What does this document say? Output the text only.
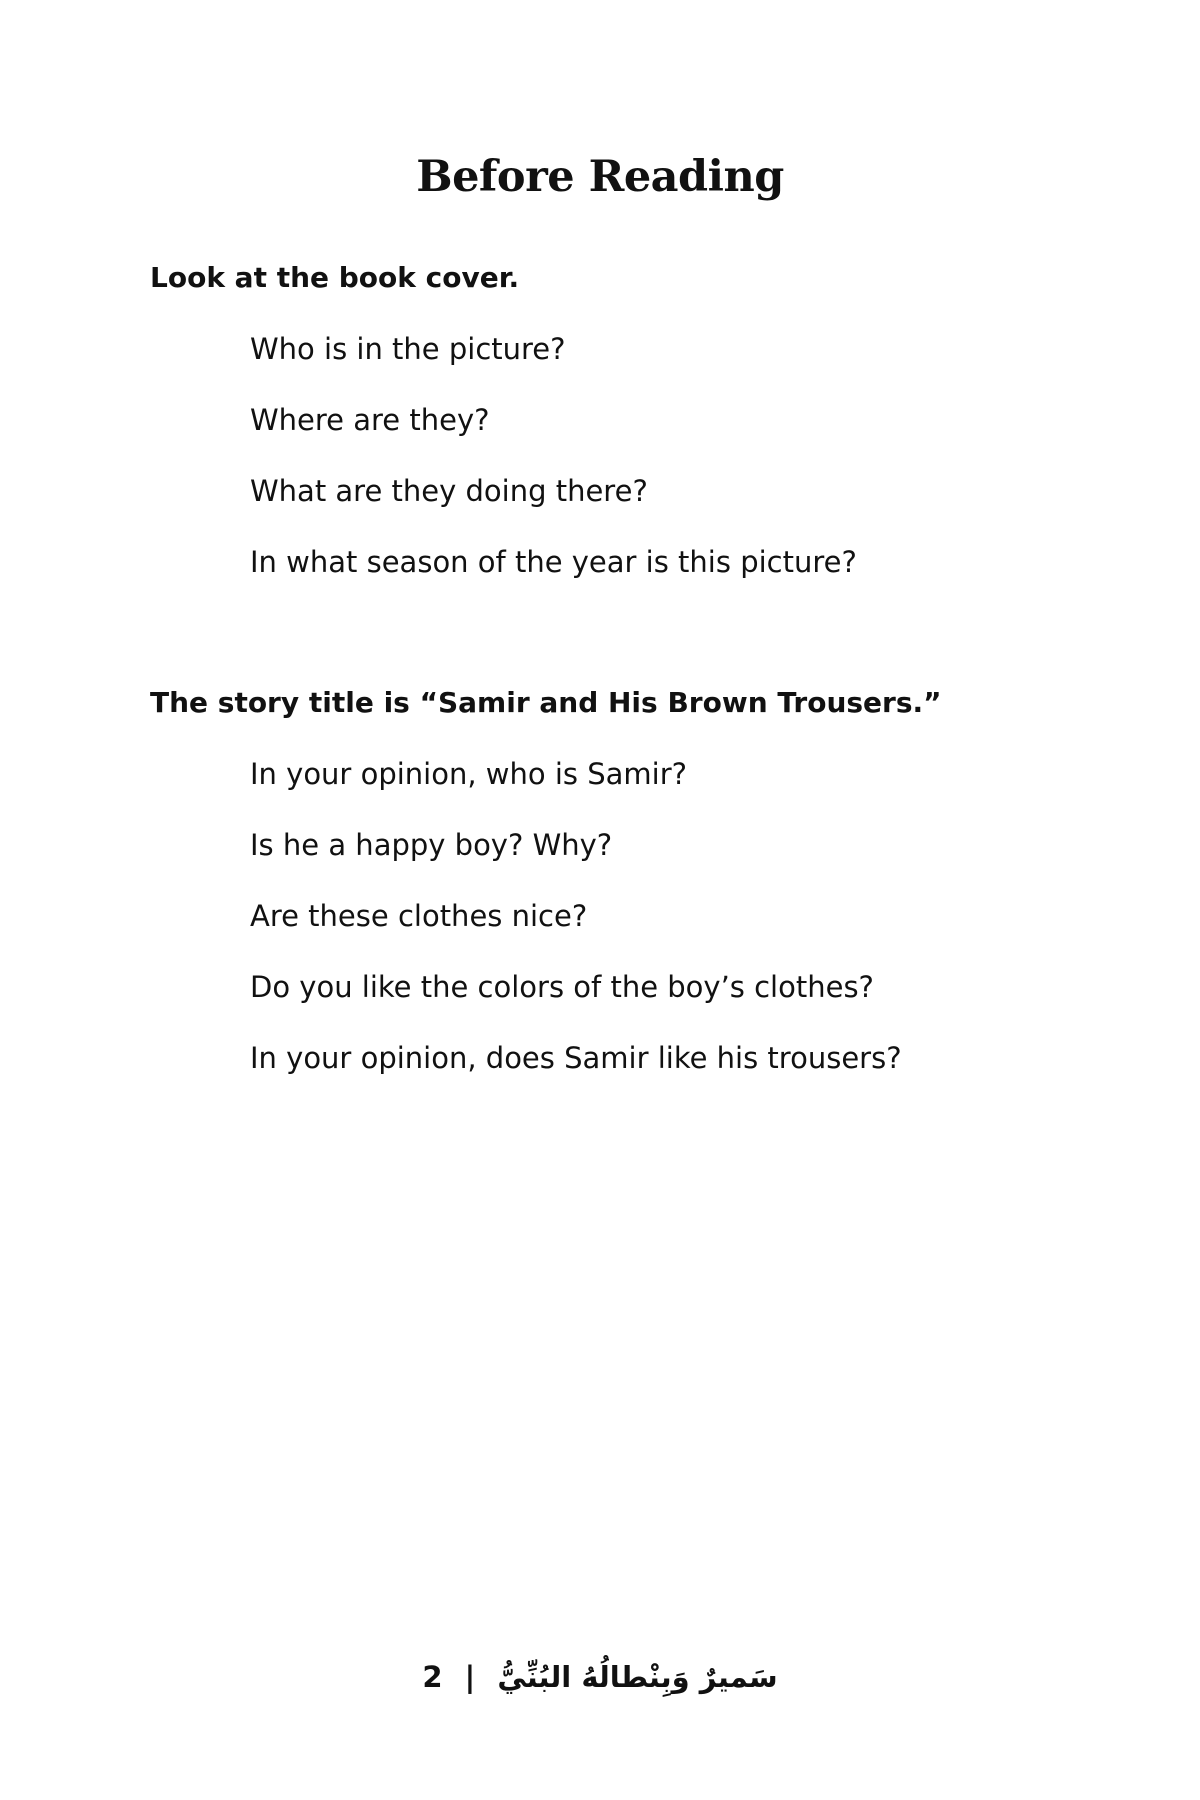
Before Reading

Look at the book cover.

Who is in the picture?
Where are they?
What are they doing there?
In what season of the year is this picture?

The story title is “Samir and His Brown Trousers.”

In your opinion, who is Samir?
Is he a happy boy? Why?
Are these clothes nice?
Do you like the colors of the boy’s clothes?
In your opinion, does Samir like his trousers?
2 | سَميرٌ وَبِنْطالُهُ البُنِّيُّ
